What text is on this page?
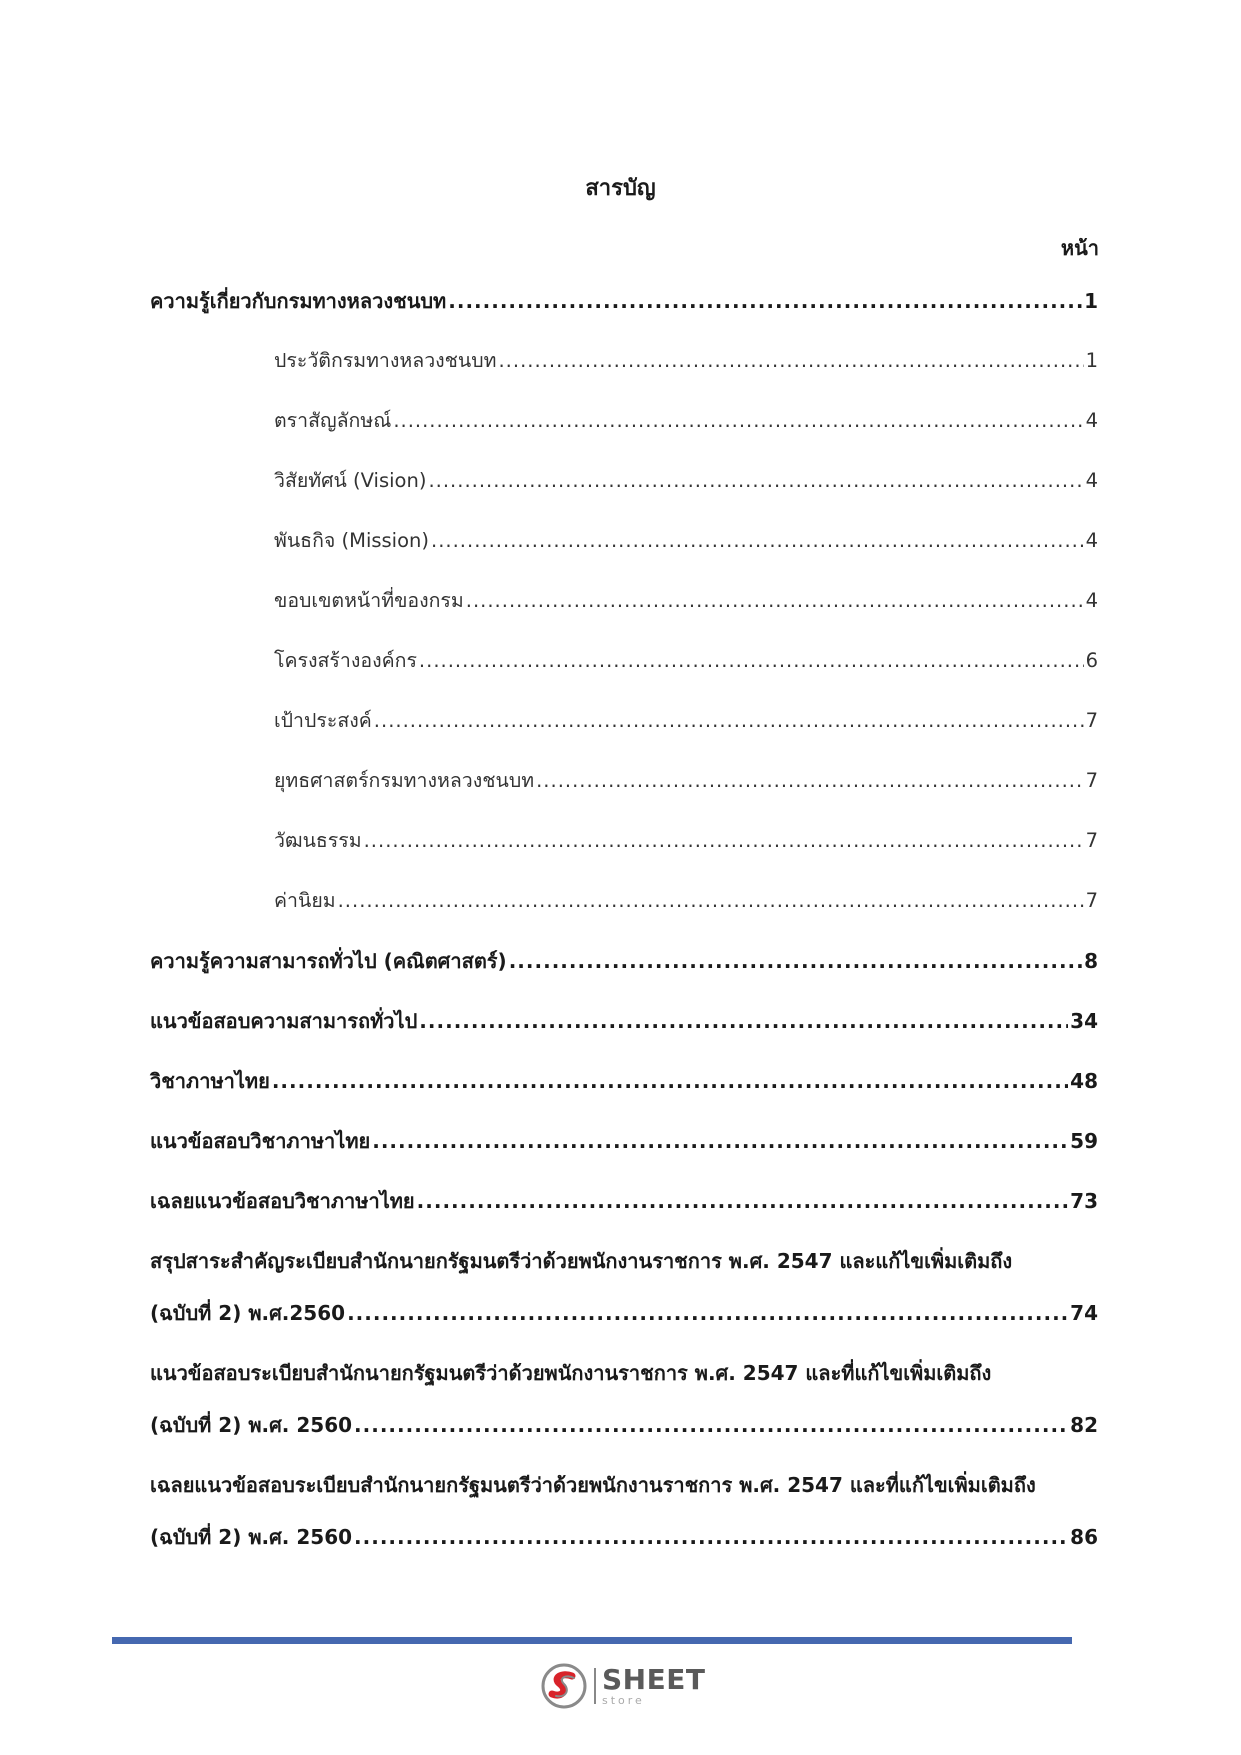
สารบัญ
หน้า
ความรู้เกี่ยวกับกรมทางหลวงชนบท .....	1
ประวัติกรมทางหลวงชนบท .....	1
ตราสัญลักษณ์ .....	4
วิสัยทัศน์ (Vision) .....	4
พันธกิจ (Mission) .....	4
ขอบเขตหน้าที่ของกรม .....	4
โครงสร้างองค์กร .....	6
เป้าประสงค์ .....	7
ยุทธศาสตร์กรมทางหลวงชนบท .....	7
วัฒนธรรม .....	7
ค่านิยม .....	7
ความรู้ความสามารถทั่วไป (คณิตศาสตร์) .....	8
แนวข้อสอบความสามารถทั่วไป .....	34
วิชาภาษาไทย .....	48
แนวข้อสอบวิชาภาษาไทย .....	59
เฉลยแนวข้อสอบวิชาภาษาไทย .....	73
สรุปสาระสำคัญระเบียบสำนักนายกรัฐมนตรีว่าด้วยพนักงานราชการ พ.ศ. 2547 และแก้ไขเพิ่มเติมถึง
(ฉบับที่ 2) พ.ศ.2560 .....	74
แนวข้อสอบระเบียบสำนักนายกรัฐมนตรีว่าด้วยพนักงานราชการ พ.ศ. 2547 และที่แก้ไขเพิ่มเติมถึง
(ฉบับที่ 2) พ.ศ. 2560 .....	82
เฉลยแนวข้อสอบระเบียบสำนักนายกรัฐมนตรีว่าด้วยพนักงานราชการ พ.ศ. 2547 และที่แก้ไขเพิ่มเติมถึง
(ฉบับที่ 2) พ.ศ. 2560 .....	86
SHEET
store
